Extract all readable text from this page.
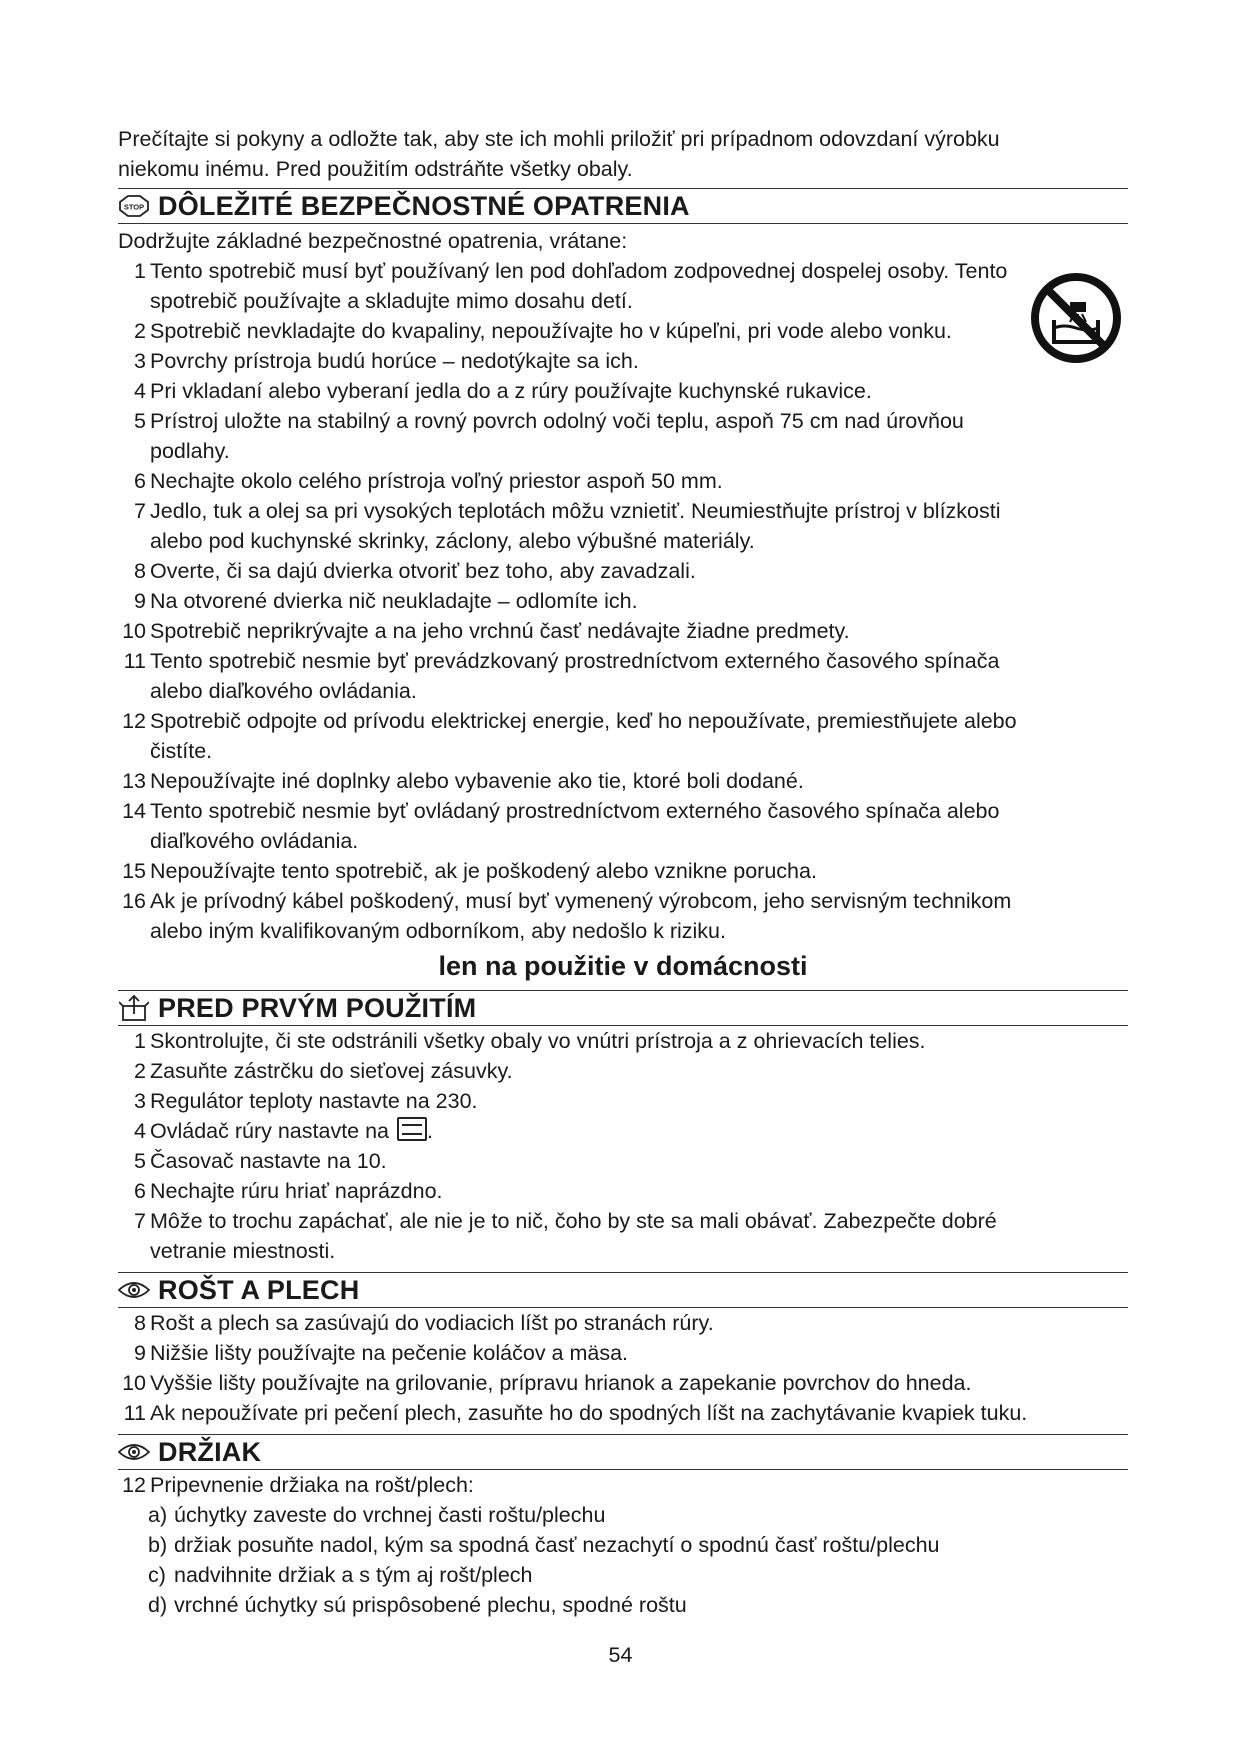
Prečítajte si pokyny a odložte tak, aby ste ich mohli priložiť pri prípadnom odovzdaní výrobku

niekomu inému. Pred použitím odstráňte všetky obaly.

STOP DÔLEŽITÉ BEZPEČNOSTNÉ OPATRENIA
Dodržujte základné bezpečnostné opatrenia, vrátane:
1 Tento spotrebič musí byť používaný len pod dohľadom zodpovednej dospelej osoby. Tento
spotrebič používajte a skladujte mimo dosahu detí.
2 Spotrebič nevkladajte do kvapaliny, nepoužívajte ho v kúpeľni, pri vode alebo vonku.
3 Povrchy prístroja budú horúce – nedotýkajte sa ich.
4 Pri vkladaní alebo vyberaní jedla do a z rúry používajte kuchynské rukavice.
5 Prístroj uložte na stabilný a rovný povrch odolný voči teplu, aspoň 75 cm nad úrovňou
podlahy.
6 Nechajte okolo celého prístroja voľný priestor aspoň 50 mm.
7 Jedlo, tuk a olej sa pri vysokých teplotách môžu vznietiť. Neumiestňujte prístroj v blízkosti
alebo pod kuchynské skrinky, záclony, alebo výbušné materiály.
8 Overte, či sa dajú dvierka otvoriť bez toho, aby zavadzali.
9 Na otvorené dvierka nič neukladajte – odlomíte ich.
10 Spotrebič neprikrývajte a na jeho vrchnú časť nedávajte žiadne predmety.
11 Tento spotrebič nesmie byť prevádzkovaný prostredníctvom externého časového spínača
alebo diaľkového ovládania.
12 Spotrebič odpojte od prívodu elektrickej energie, keď ho nepoužívate, premiestňujete alebo
čistíte.
13 Nepoužívajte iné doplnky alebo vybavenie ako tie, ktoré boli dodané.
14 Tento spotrebič nesmie byť ovládaný prostredníctvom externého časového spínača alebo
diaľkového ovládania.
15 Nepoužívajte tento spotrebič, ak je poškodený alebo vznikne porucha.
16 Ak je prívodný kábel poškodený, musí byť vymenený výrobcom, jeho servisným technikom
alebo iným kvalifikovaným odborníkom, aby nedošlo k riziku.
len na použitie v domácnosti
PRED PRVÝM POUŽITÍM
1 Skontrolujte, či ste odstránili všetky obaly vo vnútri prístroja a z ohrievacích telies.
2 Zasuňte zástrčku do sieťovej zásuvky.
3 Regulátor teploty nastavte na 230.
4 Ovládač rúry nastavte na .
5 Časovač nastavte na 10.
6 Nechajte rúru hriať naprázdno.
7 Môže to trochu zapáchať, ale nie je to nič, čoho by ste sa mali obávať. Zabezpečte dobré
vetranie miestnosti.
ROŠT A PLECH
8 Rošt a plech sa zasúvajú do vodiacich líšt po stranách rúry.
9 Nižšie lišty používajte na pečenie koláčov a mäsa.
10 Vyššie lišty používajte na grilovanie, prípravu hrianok a zapekanie povrchov do hneda.
11 Ak nepoužívate pri pečení plech, zasuňte ho do spodných líšt na zachytávanie kvapiek tuku.
DRŽIAK
12 Pripevnenie držiaka na rošt/plech:
a) úchytky zaveste do vrchnej časti roštu/plechu
b) držiak posuňte nadol, kým sa spodná časť nezachytí o spodnú časť roštu/plechu
c) nadvihnite držiak a s tým aj rošt/plech
d) vrchné úchytky sú prispôsobené plechu, spodné roštu
54
